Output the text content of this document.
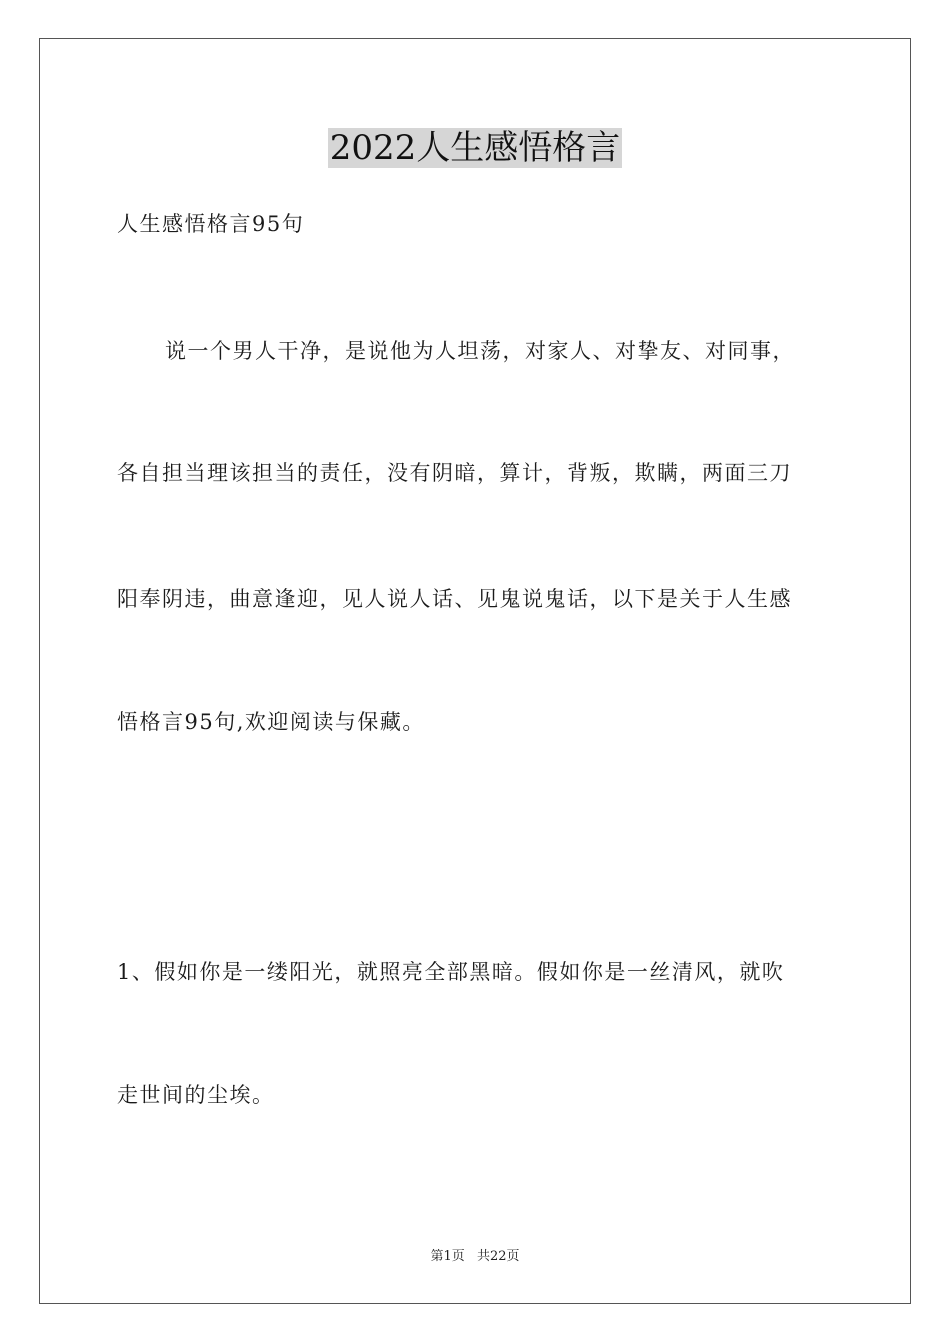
2022人生感悟格言
人生感悟格言95句
说一个男人干净，是说他为人坦荡，对家人、对挚友、对同事，
各自担当理该担当的责任，没有阴暗，算计，背叛，欺瞒，两面三刀
阳奉阴违，曲意逢迎，见人说人话、见鬼说鬼话，以下是关于人生感
悟格言95句,欢迎阅读与保藏。
1、假如你是一缕阳光，就照亮全部黑暗。假如你是一丝清风，就吹
走世间的尘埃。
第1页 共22页
